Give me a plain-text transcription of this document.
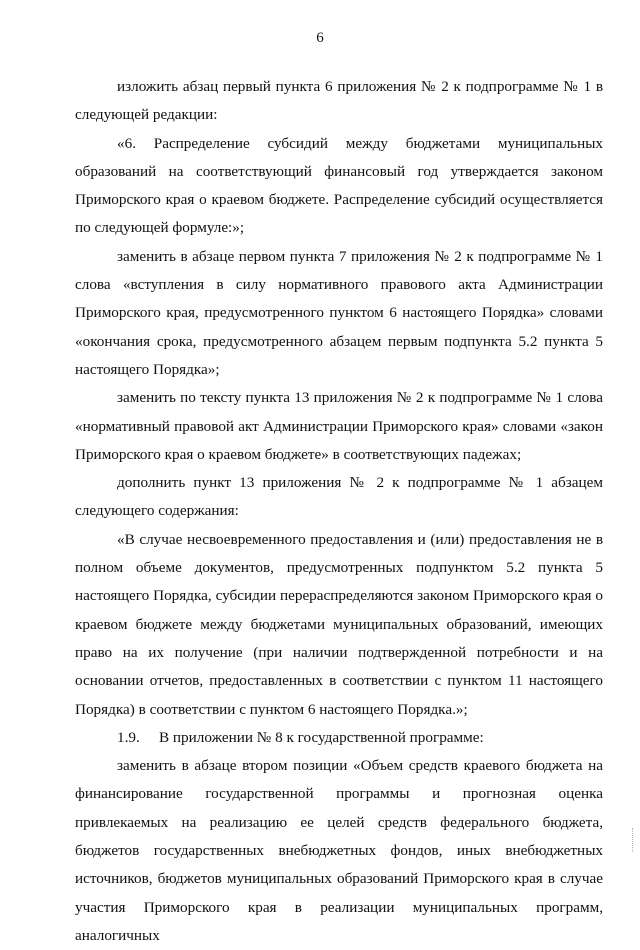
6

изложить абзац первый пункта 6 приложения № 2 к подпрограмме № 1 в следующей редакции:

«6. Распределение субсидий между бюджетами муниципальных образований на соответствующий финансовый год утверждается законом Приморского края о краевом бюджете. Распределение субсидий осуществляется по следующей формуле:»;

заменить в абзаце первом пункта 7 приложения № 2 к подпрограмме № 1 слова «вступления в силу нормативного правового акта Администрации Приморского края, предусмотренного пунктом 6 настоящего Порядка» словами «окончания срока, предусмотренного абзацем первым подпункта 5.2 пункта 5 настоящего Порядка»;

заменить по тексту пункта 13 приложения № 2 к подпрограмме № 1 слова «нормативный правовой акт Администрации Приморского края» словами «закон Приморского края о краевом бюджете» в соответствующих падежах;

дополнить пункт 13 приложения № 2 к подпрограмме № 1 абзацем следующего содержания:

«В случае несвоевременного предоставления и (или) предоставления не в полном объеме документов, предусмотренных подпунктом 5.2 пункта 5 настоящего Порядка, субсидии перераспределяются законом Приморского края о краевом бюджете между бюджетами муниципальных образований, имеющих право на их получение (при наличии подтвержденной потребности и на основании отчетов, предоставленных в соответствии с пунктом 11 настоящего Порядка) в соответствии с пунктом 6 настоящего Порядка.»;

1.9. В приложении № 8 к государственной программе:

заменить в абзаце втором позиции «Объем средств краевого бюджета на финансирование государственной программы и прогнозная оценка привлекаемых на реализацию ее целей средств федерального бюджета, бюджетов государственных внебюджетных фондов, иных внебюджетных источников, бюджетов муниципальных образований Приморского края в случае участия Приморского края в реализации муниципальных программ, аналогичных
